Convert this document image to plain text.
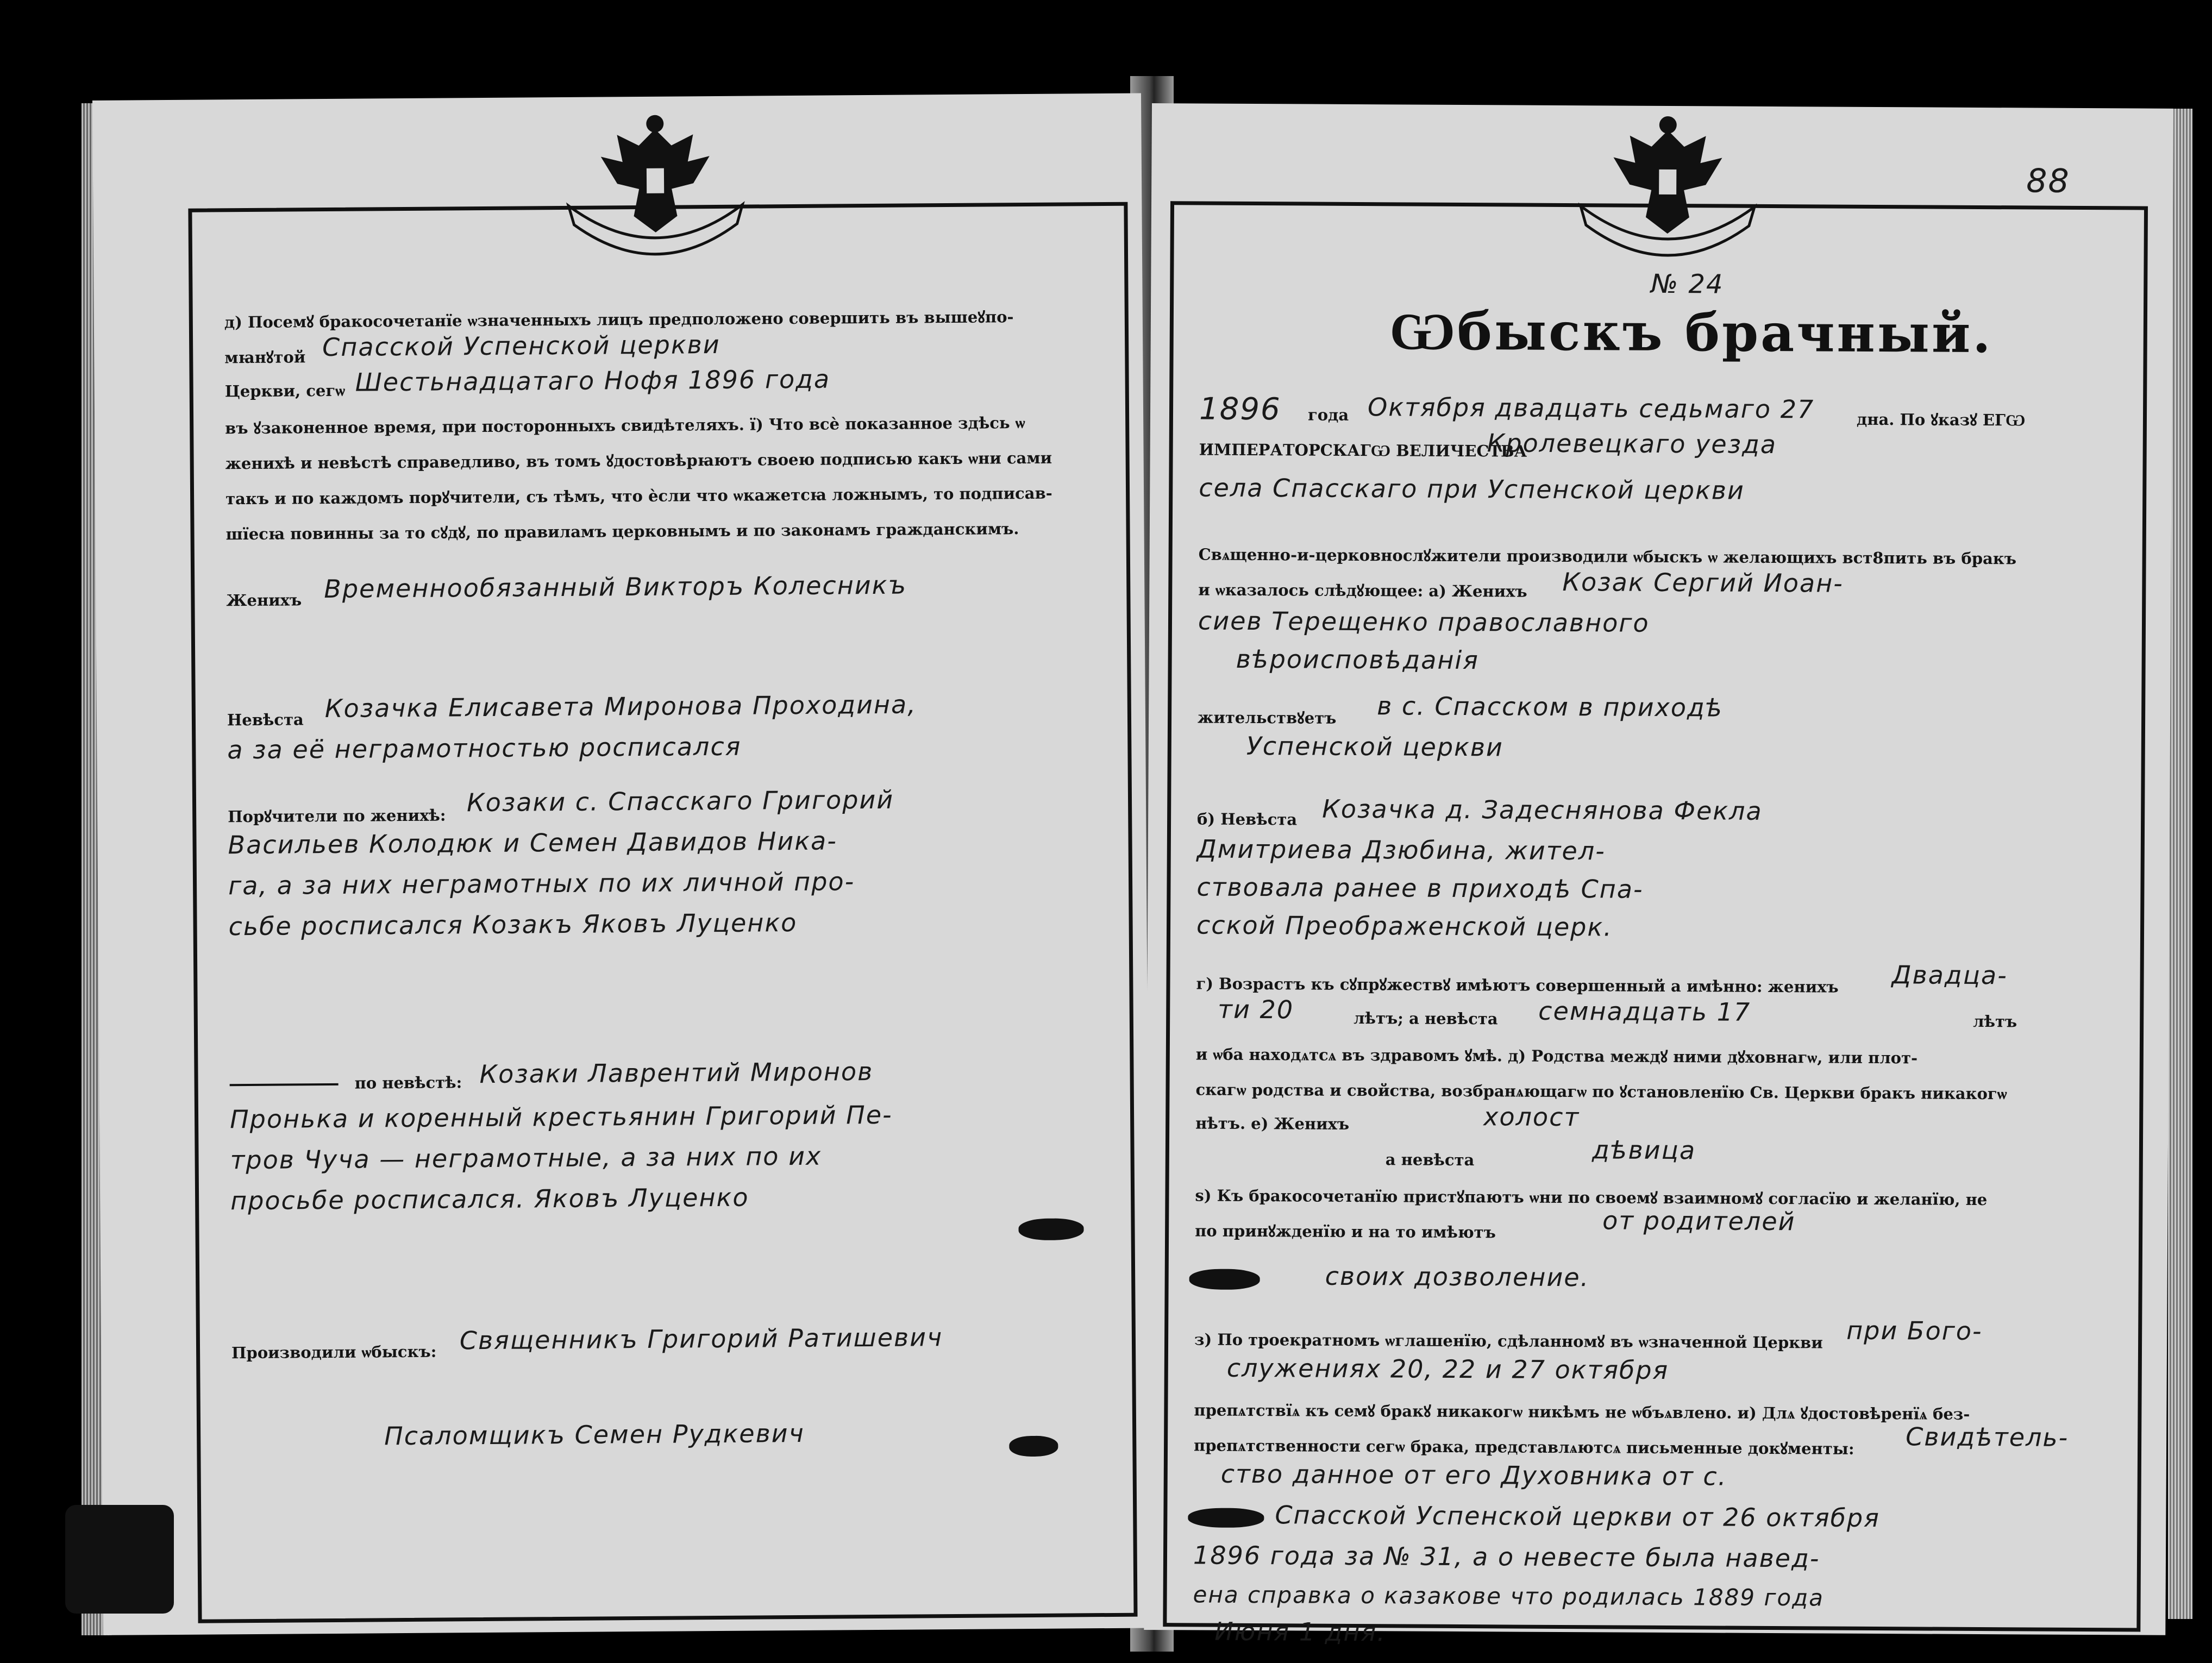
д) Посемꙋ бракосочетанїе ѡзначенныхъ лицъ предположено совершить въ вышеꙋпо-
мꙗнꙋтой Спасской Успенской церкви
Церкви, сегѡ Шестьнадцатаго Нофя 1896 года
въ ꙋзаконенное время, при посторонныхъ свидѣтеляхъ. ї) Что всѐ показанное здѣсь ѡ
женихѣ и невѣстѣ справедливо, въ томъ ꙋдостовѣрꙗютъ своею подписью какъ ѡни сами
такъ и по каждомъ порꙋчители, съ тѣмъ, что ѐсли что ѡкажетсꙗ ложнымъ, то подписав-
шїесꙗ повинны за то сꙋдꙋ, по правиламъ церковнымъ и по законамъ гражданскимъ.
Женихъ Временнообязанный Викторъ Колесникъ
Невѣста Козачка Елисавета Миронова Проходина,
а за её неграмотностью росписался
Порꙋчители по женихѣ: Козаки с. Спасскаго Григорий
Васильев Колодюк и Семен Давидов Ника-
га, а за них неграмотных по их личной про-
сьбе росписался Козакъ Яковъ Луценко
по невѣстѣ: Козаки Лаврентий Миронов
Пронька и коренный крестьянин Григорий Пе-
тров Чуча — неграмотные, а за них по их
просьбе росписался. Яковъ Луценко
Производили ѡбыскъ: Священникъ Григорий Ратишевич
Псаломщикъ Семен Рудкевич
88
№ 24
Ѡбыскъ брачный.
1896 года Октября двадцать седьмаго 27	дна. По ꙋказꙋ ЕГѠ
ИМПЕРАТОРСКАГѠ ВЕЛИЧЕСТВА
Кролевецкаго уезда
села Спасскаго при Успенской церкви
Свѧщенно-и-церковнослꙋжители производили ѡбыскъ ѡ желающихъ вст8пить въ бракъ
и ѡказалось слѣдꙋющее: а) Женихъ Козак Сергий Иоан-
сиев Терещенко православного
вѣроисповѣданія
жительствꙋетъ в с. Спасском в приходѣ
Успенской церкви
б) Невѣста Козачка д. Задеснянова Фекла
Дмитриева Дзюбина, жител-
ствовала ранее в приходѣ Спа-
сской Преображенской церк.
г) Возрастъ къ сꙋпрꙋжествꙋ имѣютъ совершенный а имѣнно: женихъ Двадца-
ти 20	лѣтъ; а невѣста семнадцать 17	лѣтъ
и ѡба находѧтсѧ въ здравомъ ꙋмѣ. д) Родства междꙋ ними дꙋховнагѡ, или плот-
скагѡ родства и свойства, возбранѧющагѡ по ꙋстановленїю Св. Церкви бракъ никакогѡ
нѣтъ. е) Женихъ	холост
а невѣста	дѣвица
ѕ) Къ бракосочетанїю пристꙋпаютъ ѡни по своемꙋ взаимномꙋ согласїю и желанїю, не
по принꙋжденїю и на то имѣютъ	от родителей
своих дозволение.
з) По троекратномъ ѡглашенїю, сдѣланномꙋ въ ѡзначенной Церкви при Бого-
служениях 20, 22 и 27 октября
препѧтствїѧ къ семꙋ бракꙋ никакогѡ никѣмъ не ѡбъѧвлено. и) Длѧ ꙋдостовѣренїѧ без-
препѧтственности сегѡ брака, представлѧютсѧ письменные докꙋменты: Свидѣтель-
ство данное от его Духовника от с.
Спасской Успенской церкви от 26 октября
1896 года за № 31, а о невесте была навед-
ена справка о казакове что родилась 1889 года
Июня 1 дня.
